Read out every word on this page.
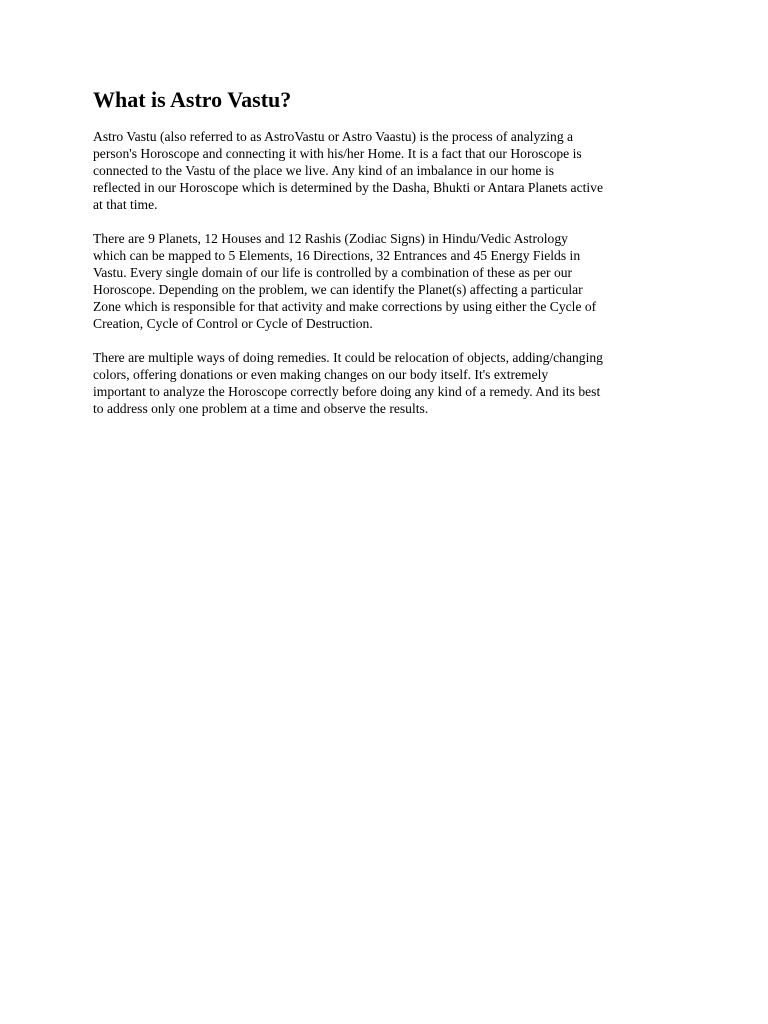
What is Astro Vastu?

Astro Vastu (also referred to as AstroVastu or Astro Vaastu) is the process of analyzing a
person's Horoscope and connecting it with his/her Home. It is a fact that our Horoscope is
connected to the Vastu of the place we live. Any kind of an imbalance in our home is
reflected in our Horoscope which is determined by the Dasha, Bhukti or Antara Planets active
at that time.

There are 9 Planets, 12 Houses and 12 Rashis (Zodiac Signs) in Hindu/Vedic Astrology
which can be mapped to 5 Elements, 16 Directions, 32 Entrances and 45 Energy Fields in
Vastu. Every single domain of our life is controlled by a combination of these as per our
Horoscope. Depending on the problem, we can identify the Planet(s) affecting a particular
Zone which is responsible for that activity and make corrections by using either the Cycle of
Creation, Cycle of Control or Cycle of Destruction.

There are multiple ways of doing remedies. It could be relocation of objects, adding/changing
colors, offering donations or even making changes on our body itself. It's extremely
important to analyze the Horoscope correctly before doing any kind of a remedy. And its best
to address only one problem at a time and observe the results.
